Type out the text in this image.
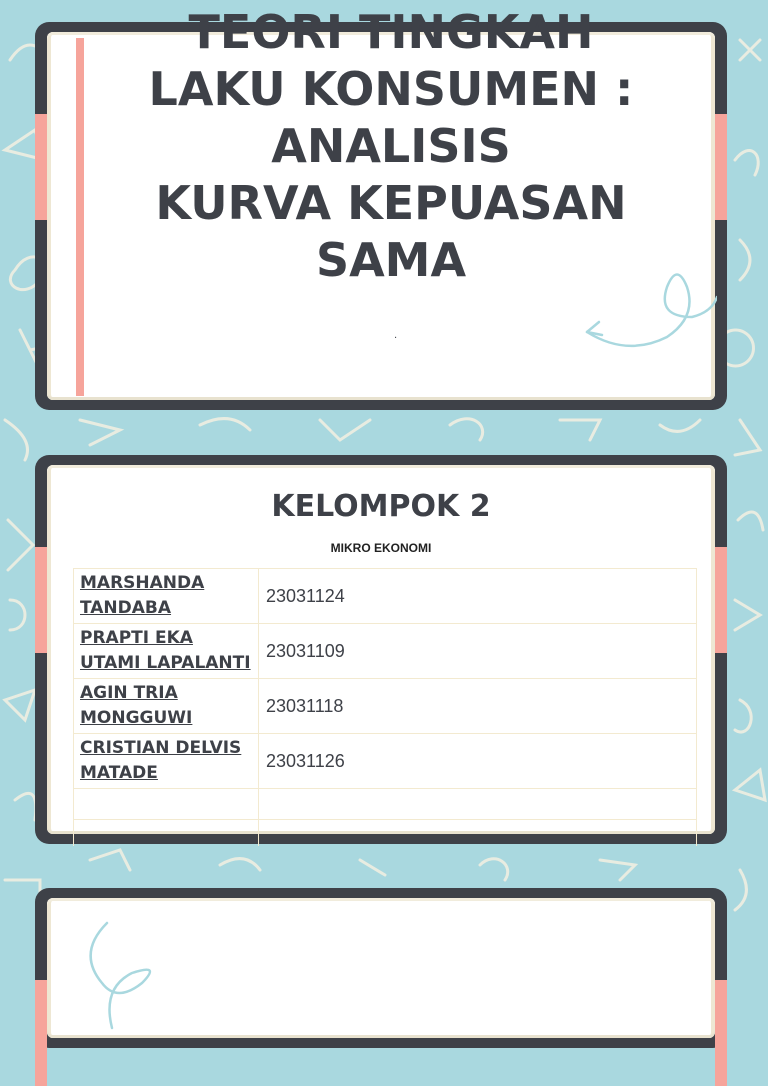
TEORI TINGKAH
LAKU KONSUMEN :
ANALISIS
KURVA KEPUASAN
SAMA
.
KELOMPOK 2
MIKRO EKONOMI
MARSHANDA TANDABA	23031124
PRAPTI EKA UTAMI LAPALANTI	23031109
AGIN TRIA MONGGUWI	23031118
CRISTIAN DELVIS MATADE	23031126
